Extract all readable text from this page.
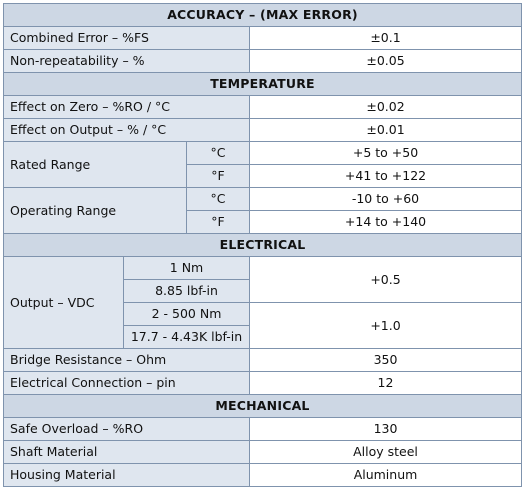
ACCURACY – (MAX ERROR)			
Combined Error – %FS			±0.1
Non-repeatability – %			±0.05
TEMPERATURE			
Effect on Zero – %RO / °C			±0.02
Effect on Output – % / °C			±0.01
Rated Range		°C	+5 to +50
		°F	+41 to +122
Operating Range		°C	-10 to +60
		°F	+14 to +140
ELECTRICAL			
Output – VDC	1 Nm		+0.5
	8.85 lbf-in		
	2 - 500 Nm		+1.0
	17.7 - 4.43K lbf-in		
Bridge Resistance – Ohm			350
Electrical Connection – pin			12
MECHANICAL			
Safe Overload – %RO			130
Shaft Material			Alloy steel
Housing Material			Aluminum
